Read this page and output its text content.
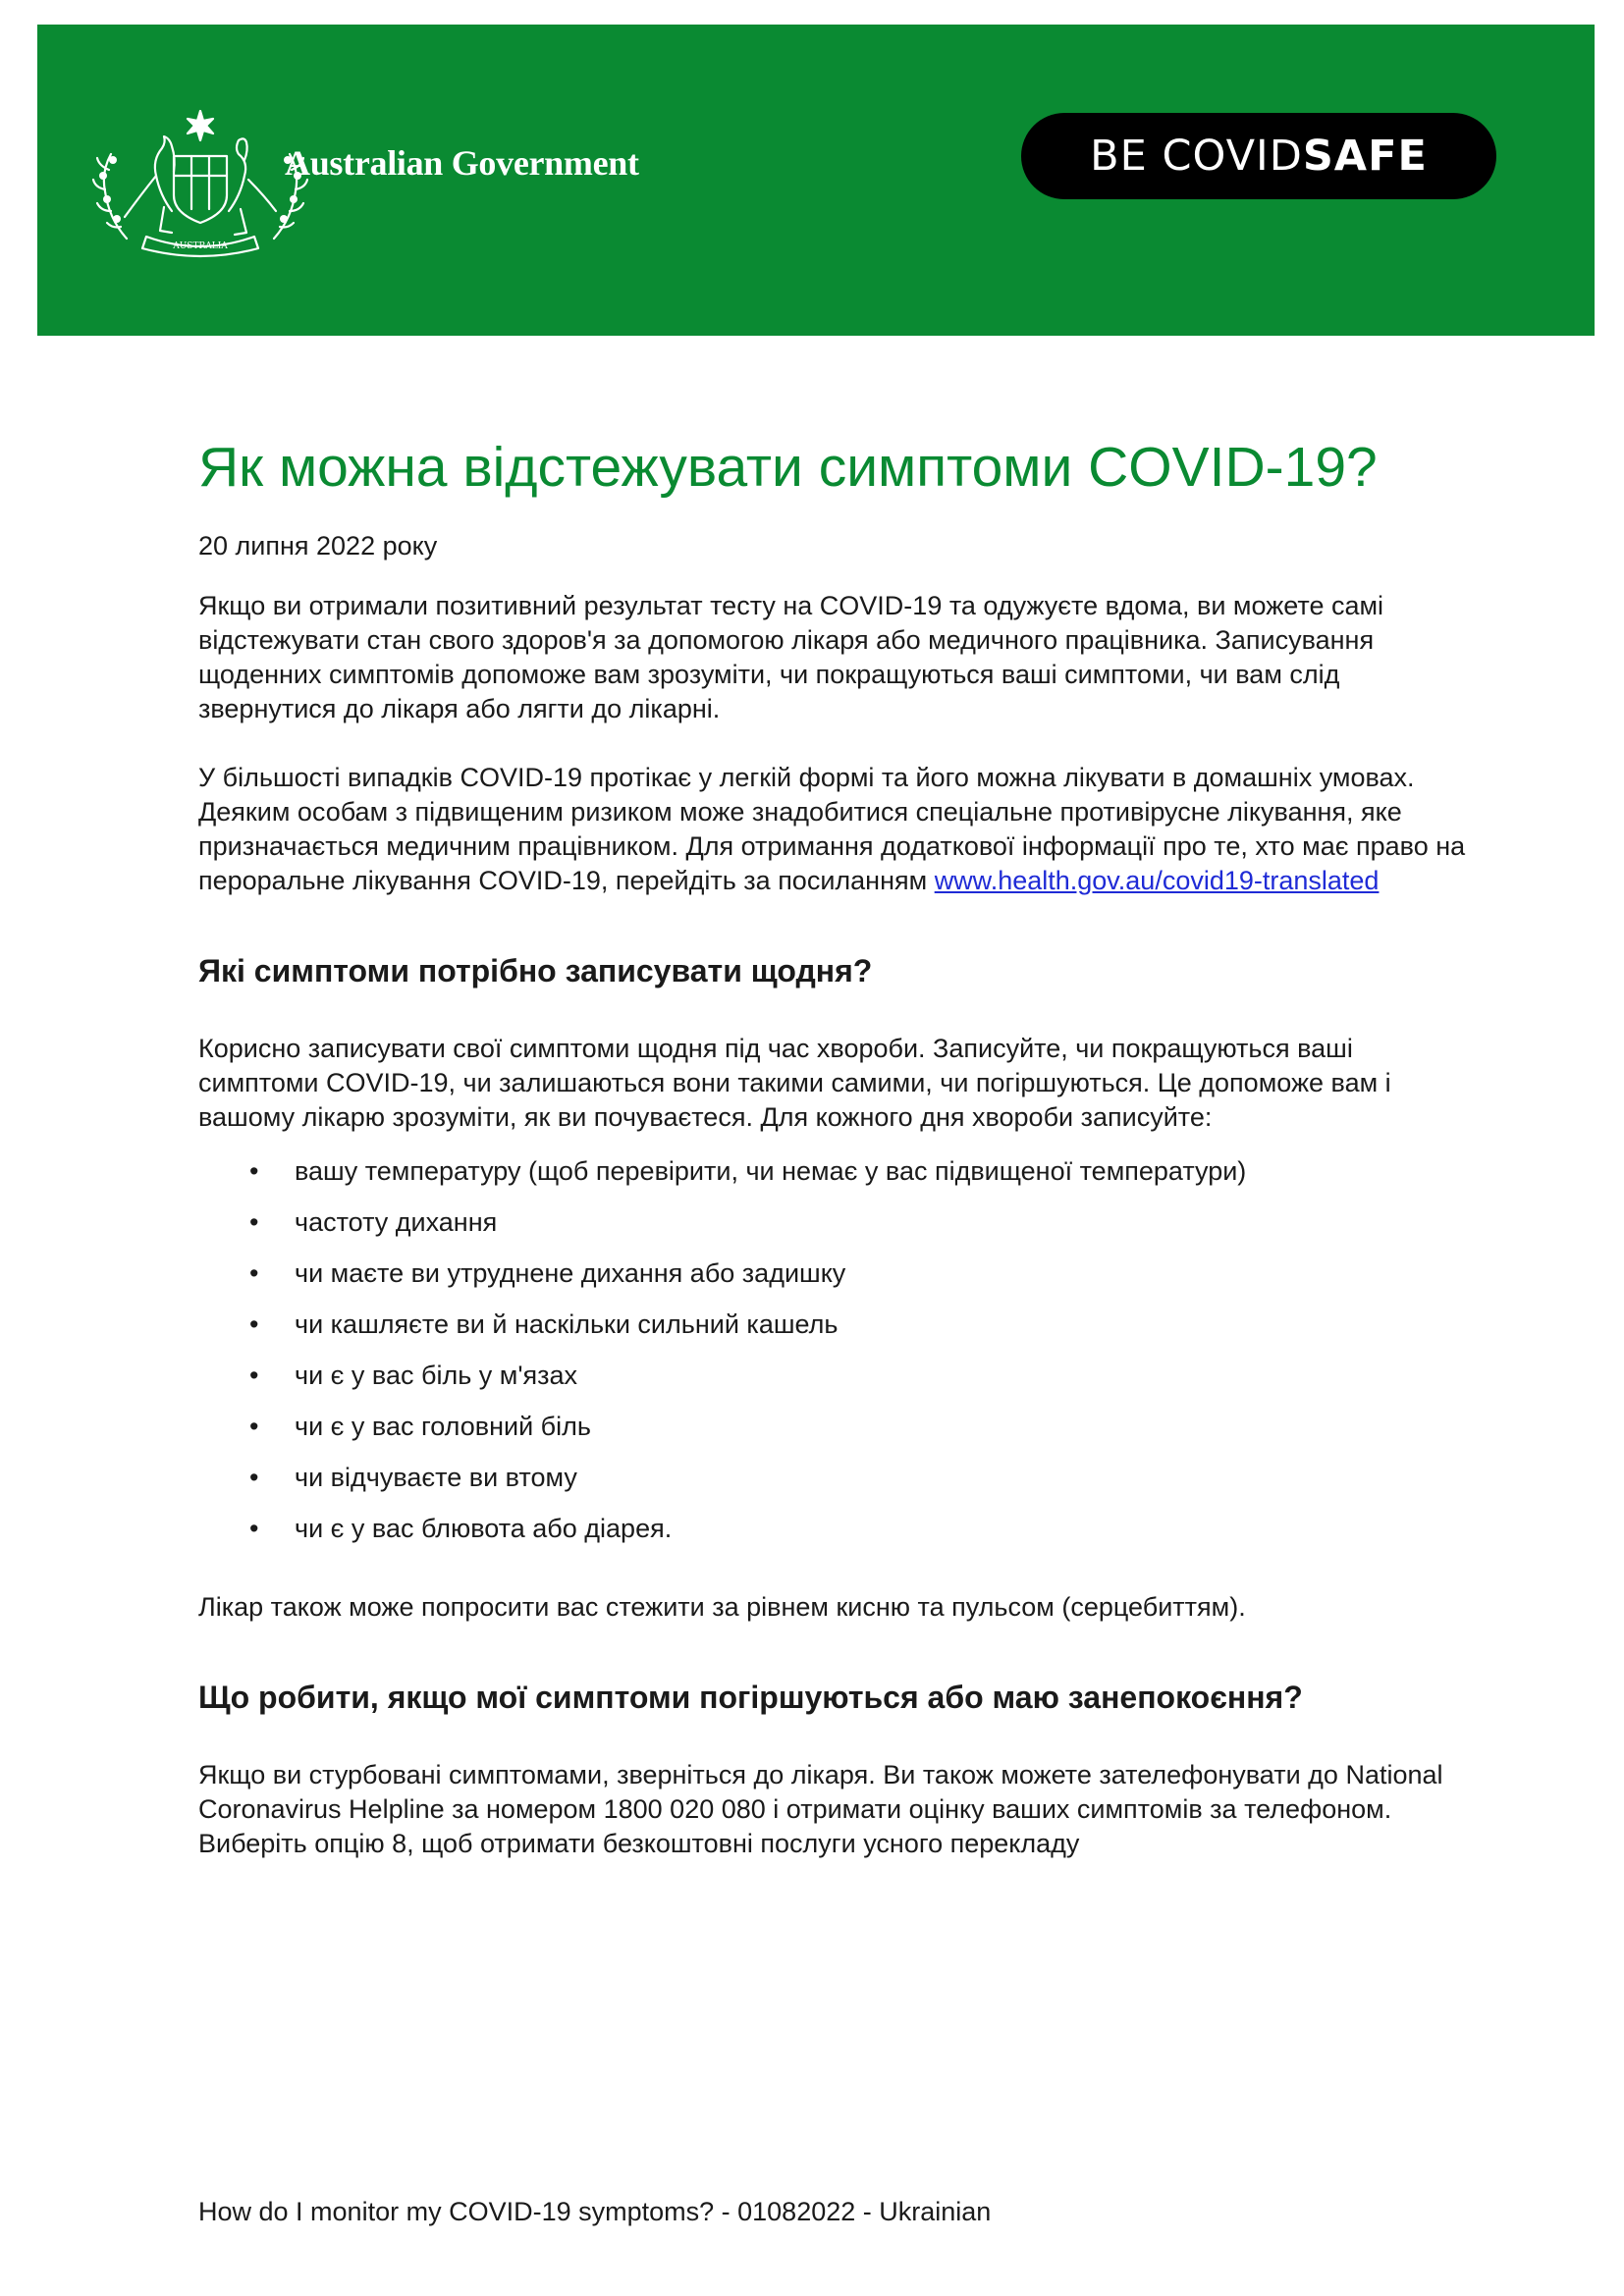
AUSTRALIA
Australian Government	BE COVID SAFE
Як можна відстежувати симптоми COVID-19?
20 липня 2022 року

Якщо ви отримали позитивний результат тесту на COVID-19 та одужуєте вдома, ви можете самі відстежувати стан свого здоров'я за допомогою лікаря або медичного працівника. Записування щоденних симптомів допоможе вам зрозуміти, чи покращуються ваші симптоми, чи вам слід звернутися до лікаря або лягти до лікарні.

У більшості випадків COVID-19 протікає у легкій формі та його можна лікувати в домашніх умовах. Деяким особам з підвищеним ризиком може знадобитися спеціальне противірусне лікування, яке призначається медичним працівником. Для отримання додаткової інформації про те, хто має право на пероральне лікування COVID-19, перейдіть за посиланням www.health.gov.au/covid19-translated

Які симптоми потрібно записувати щодня?

Корисно записувати свої симптоми щодня під час хвороби. Записуйте, чи покращуються ваші симптоми COVID-19, чи залишаються вони такими самими, чи погіршуються. Це допоможе вам і вашому лікарю зрозуміти, як ви почуваєтеся. Для кожного дня хвороби записуйте:

• вашу температуру (щоб перевірити, чи немає у вас підвищеної температури)
• частоту дихання
• чи маєте ви утруднене дихання або задишку
• чи кашляєте ви й наскільки сильний кашель
• чи є у вас біль у м'язах
• чи є у вас головний біль
• чи відчуваєте ви втому
• чи є у вас блювота або діарея.

Лікар також може попросити вас стежити за рівнем кисню та пульсом (серцебиттям).

Що робити, якщо мої симптоми погіршуються або маю занепокоєння?

Якщо ви стурбовані симптомами, зверніться до лікаря. Ви також можете зателефонувати до National Coronavirus Helpline за номером 1800 020 080 і отримати оцінку ваших симптомів за телефоном. Виберіть опцію 8, щоб отримати безкоштовні послуги усного перекладу

How do I monitor my COVID-19 symptoms? - 01082022 - Ukrainian
